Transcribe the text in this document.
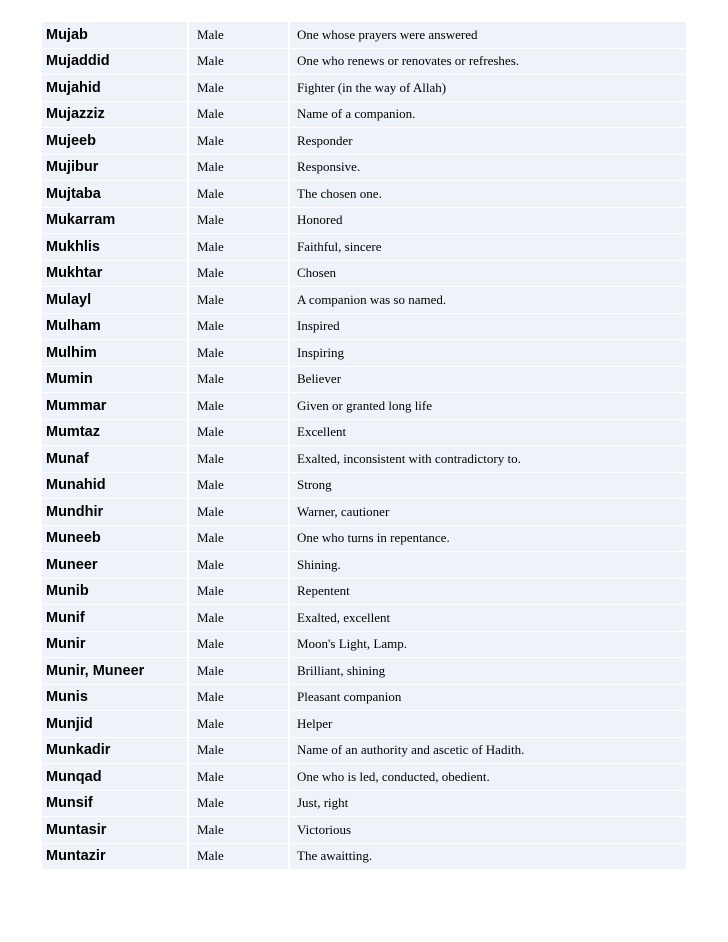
Mujab	Male	One whose prayers were answered
Mujaddid	Male	One who renews or renovates or refreshes.
Mujahid	Male	Fighter (in the way of Allah)
Mujazziz	Male	Name of a companion.
Mujeeb	Male	Responder
Mujibur	Male	Responsive.
Mujtaba	Male	The chosen one.
Mukarram	Male	Honored
Mukhlis	Male	Faithful, sincere
Mukhtar	Male	Chosen
Mulayl	Male	A companion was so named.
Mulham	Male	Inspired
Mulhim	Male	Inspiring
Mumin	Male	Believer
Mummar	Male	Given or granted long life
Mumtaz	Male	Excellent
Munaf	Male	Exalted, inconsistent with contradictory to.
Munahid	Male	Strong
Mundhir	Male	Warner, cautioner
Muneeb	Male	One who turns in repentance.
Muneer	Male	Shining.
Munib	Male	Repentent
Munif	Male	Exalted, excellent
Munir	Male	Moon's Light, Lamp.
Munir, Muneer	Male	Brilliant, shining
Munis	Male	Pleasant companion
Munjid	Male	Helper
Munkadir	Male	Name of an authority and ascetic of Hadith.
Munqad	Male	One who is led, conducted, obedient.
Munsif	Male	Just, right
Muntasir	Male	Victorious
Muntazir	Male	The awaitting.
